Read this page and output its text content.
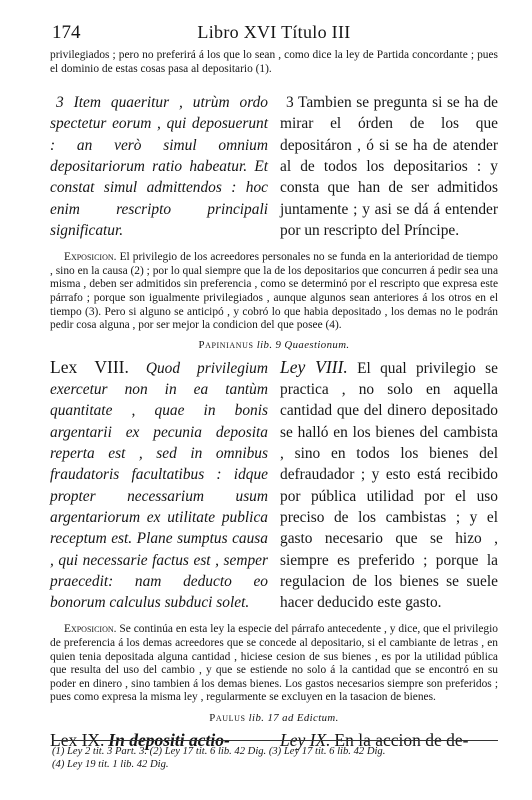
174	Libro XVI Título III

privilegiados ; pero no preferirá á los que lo sean , como dice la ley de Partida concordante ; pues el dominio de estas cosas pasa al depositario (1).

3 Item quaeritur , utrùm ordo spectetur eorum , qui deposuerunt : an verò simul omnium depositariorum ratio habeatur. Et constat simul admittendos : hoc enim rescripto principali significatur.
3 Tambien se pregunta si se ha de mirar el órden de los que depositáron , ó si se ha de atender al de todos los depositarios : y consta que han de ser admitidos juntamente ; y asi se dá á entender por un rescripto del Príncipe.

Exposicion. El privilegio de los acreedores personales no se funda en la anterioridad de tiempo , sino en la causa (2) ; por lo qual siempre que la de los depositarios que concurren á pedir sea una misma , deben ser admitidos sin preferencia , como se determinó por el rescripto que expresa este párrafo ; porque son igualmente privilegiados , aunque algunos sean anteriores á los otros en el tiempo (3). Pero si alguno se anticipó , y cobró lo que habia depositado , los demas no le podrán pedir cosa alguna , por ser mejor la condicion del que posee (4).

Papinianus lib. 9 Quaestionum.
Lex VIII. Quod privilegium exercetur non in ea tantùm quantitate , quae in bonis argentarii ex pecunia deposita reperta est , sed in omnibus fraudatoris facultatibus : idque propter necessarium usum argentariorum ex utilitate publica receptum est. Plane sumptus causa , qui necessarie factus est , semper praecedit: nam deducto eo bonorum calculus subduci solet.
Ley VIII. El qual privilegio se practica , no solo en aquella cantidad que del dinero depositado se halló en los bienes del cambista , sino en todos los bienes del defraudador ; y esto está recibido por pública utilidad por el uso preciso de los cambistas ; y el gasto necesario que se hizo , siempre es preferido ; porque la regulacion de los bienes se suele hacer deducido este gasto.

Exposicion. Se continúa en esta ley la especie del párrafo antecedente , y dice, que el privilegio de preferencia á los demas acreedores que se concede al depositario, si el cambiante de letras , en quien tenia depositada alguna cantidad , hiciese cesion de sus bienes , es por la utilidad pública que resulta del uso del cambio , y que se estiende no solo á la cantidad que se encontró en su poder en dinero , sino tambien á los demas bienes. Los gastos necesarios siempre son preferidos ; pues como expresa la misma ley , regularmente se excluyen en la tasacion de bienes.

Paulus lib. 17 ad Edictum.
Lex IX. In depositi actio-	Ley IX. En la accion de de-
(1) Ley 2 tit. 3 Part. 3. (2) Ley 17 tit. 6 lib. 42 Dig. (3) Ley 17 tit. 6 lib. 42 Dig.
(4) Ley 19 tit. 1 lib. 42 Dig.
